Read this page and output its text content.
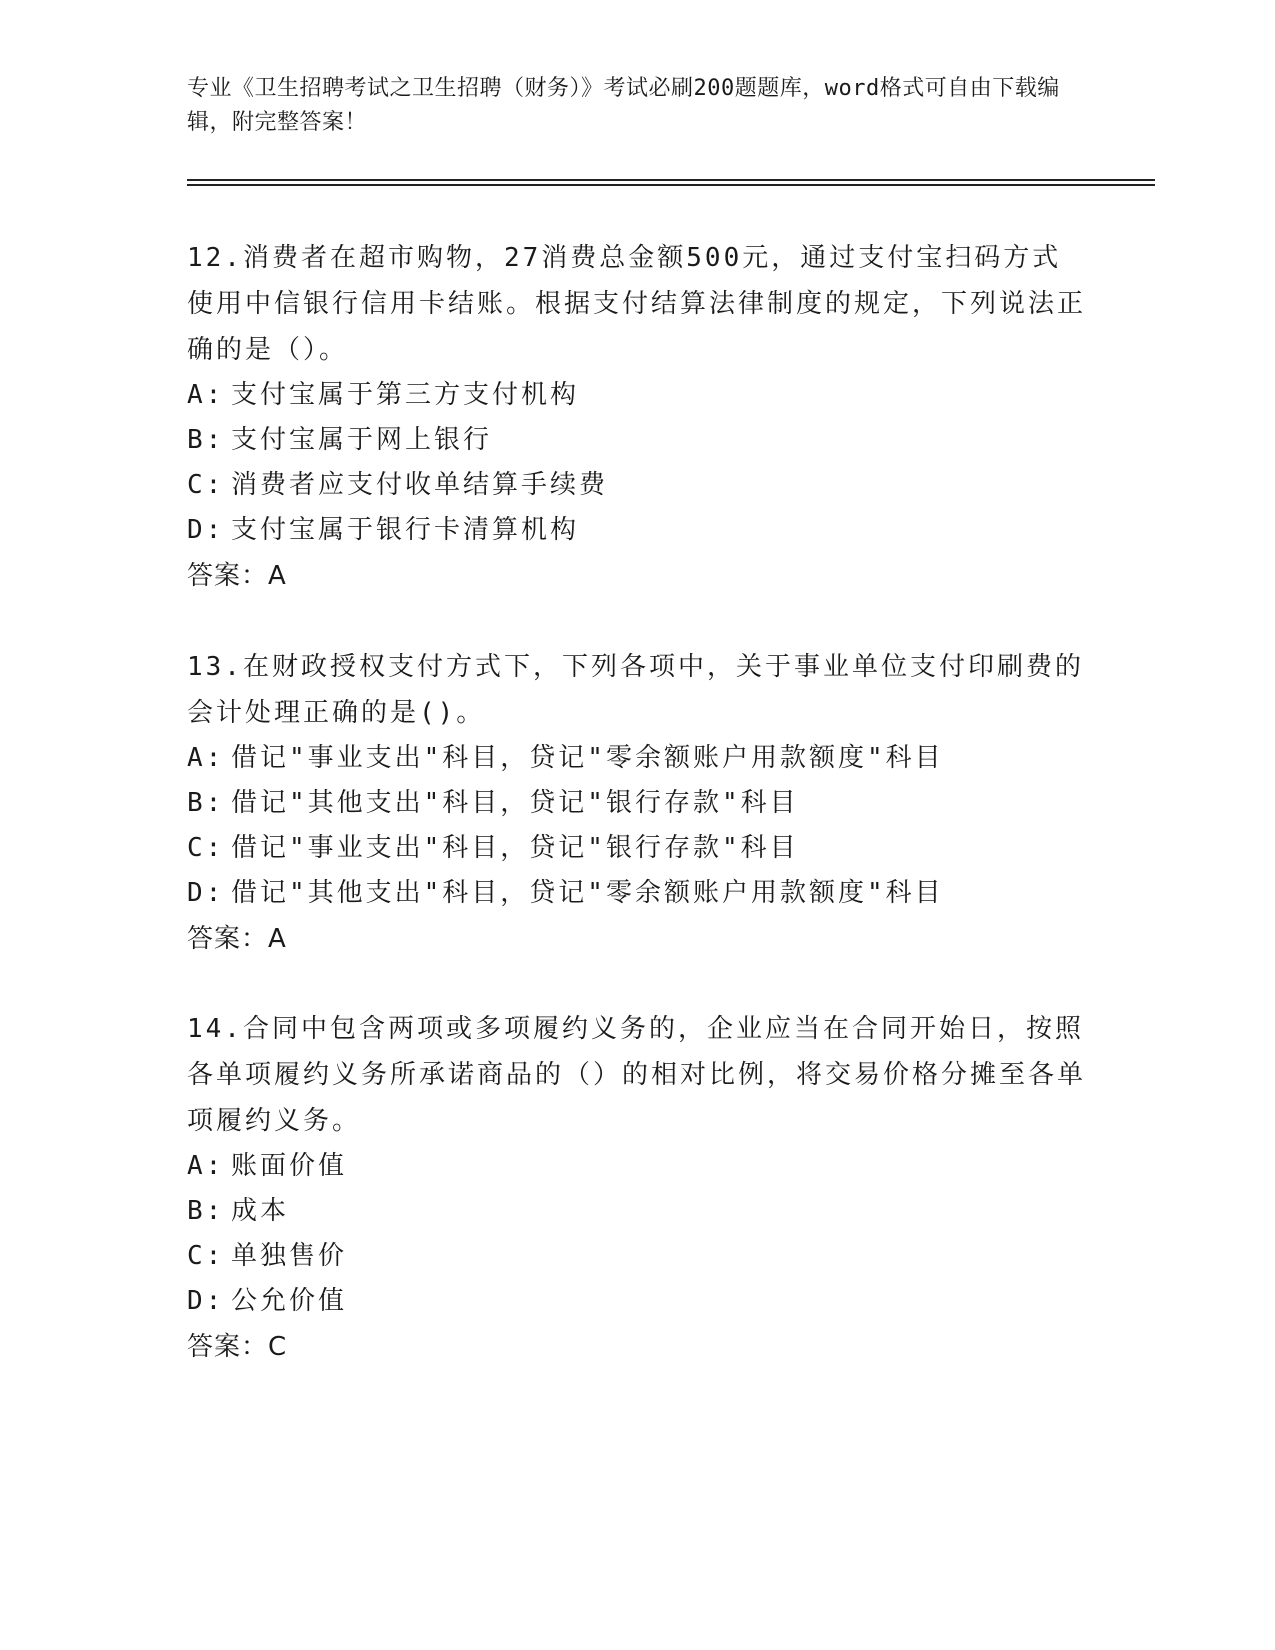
专业《卫生招聘考试之卫生招聘（财务）》考试必刷200题题库，word格式可自由下载编辑，附完整答案！

12.消费者在超市购物，27消费总金额500元，通过支付宝扫码方式使用中信银行信用卡结账。根据支付结算法律制度的规定，下列说法正确的是（）。

A: 支付宝属于第三方支付机构

B: 支付宝属于网上银行

C: 消费者应支付收单结算手续费

D: 支付宝属于银行卡清算机构

答案：A

13.在财政授权支付方式下，下列各项中，关于事业单位支付印刷费的会计处理正确的是()。

A: 借记"事业支出"科目，贷记"零余额账户用款额度"科目

B: 借记"其他支出"科目，贷记"银行存款"科目

C: 借记"事业支出"科目，贷记"银行存款"科目

D: 借记"其他支出"科目，贷记"零余额账户用款额度"科目

答案：A

14.合同中包含两项或多项履约义务的，企业应当在合同开始日，按照各单项履约义务所承诺商品的（）的相对比例，将交易价格分摊至各单项履约义务。

A: 账面价值

B: 成本

C: 单独售价

D: 公允价值

答案：C
